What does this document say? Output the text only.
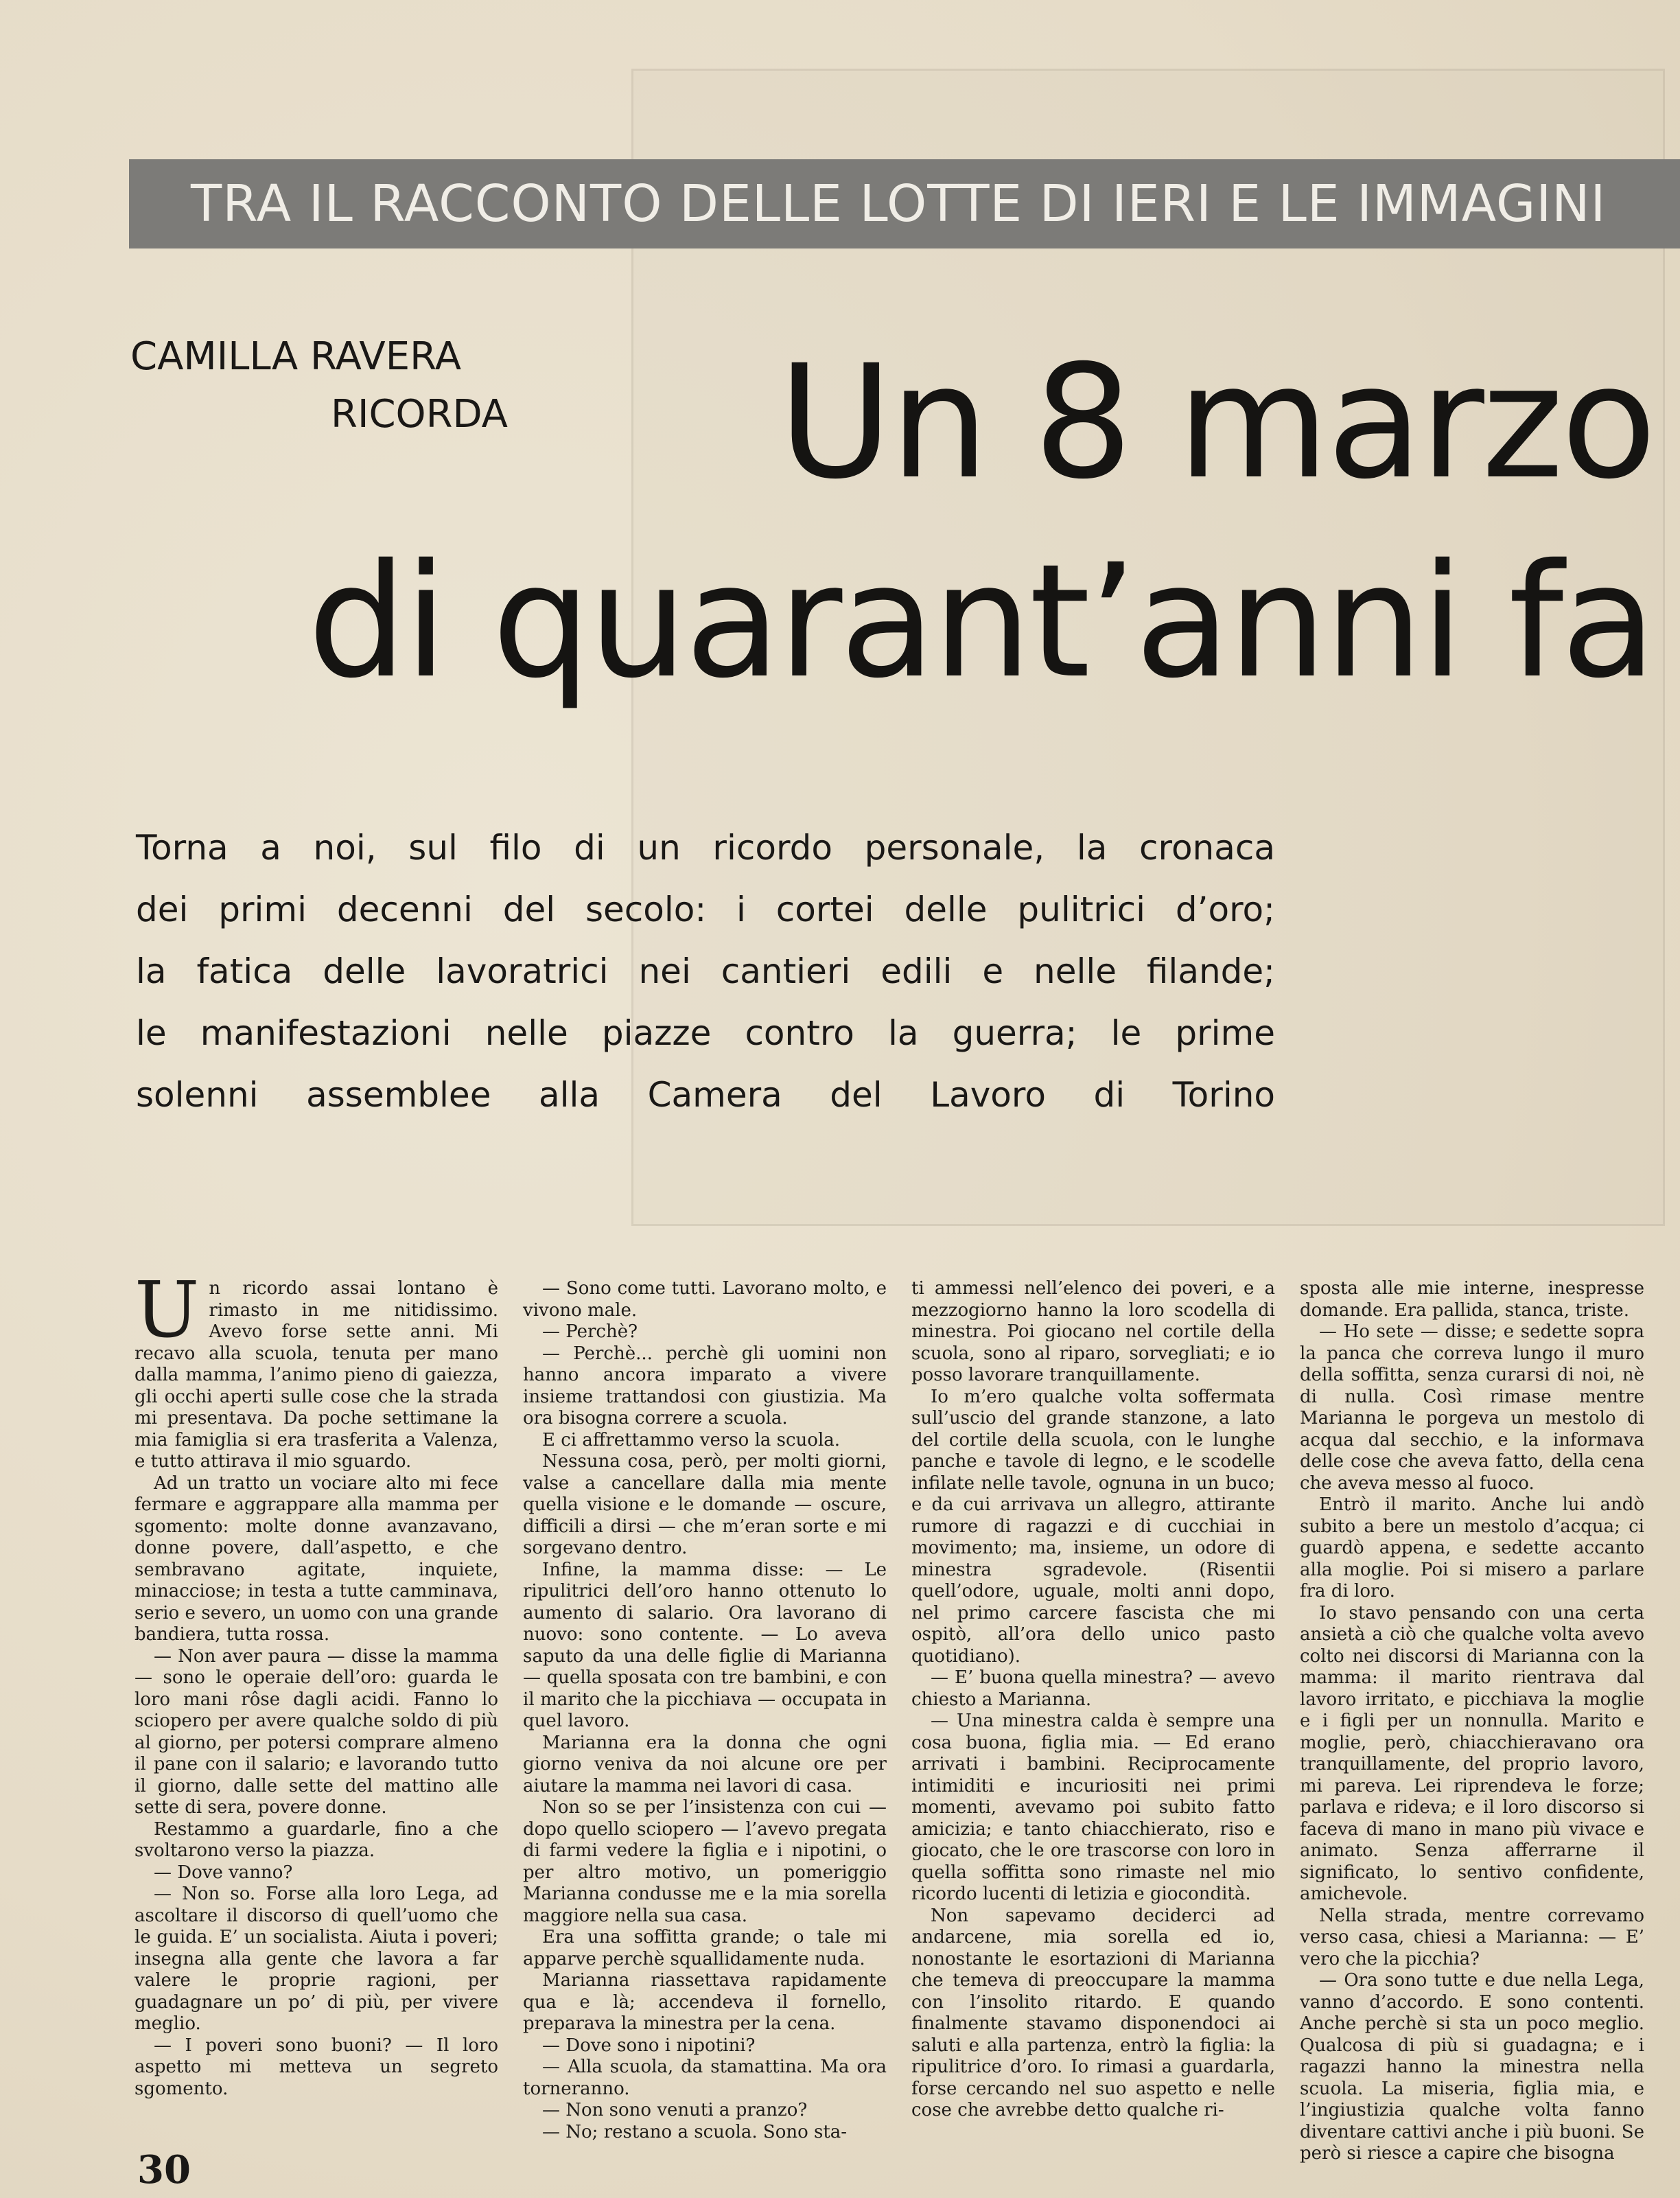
TRA IL RACCONTO DELLE LOTTE DI IERI E LE IMMAGINI
CAMILLA RAVERA
RICORDA	Un 8 marzo
di quarant’anni fa
Torna a noi, sul filo di un ricordo personale, la cronaca
dei primi decenni del secolo: i cortei delle pulitrici d’oro;
la fatica delle lavoratrici nei cantieri edili e nelle filande;
le manifestazioni nelle piazze contro la guerra; le prime
solenni assemblee alla Camera del Lavoro di Torino

Un ricordo assai lontano è rimasto in me nitidissimo. Avevo forse sette anni. Mi recavo alla scuola, tenuta per mano dalla mamma, l’animo pieno di gaiezza, gli occhi aperti sulle cose che la strada mi presentava. Da poche settimane la mia famiglia si era trasferita a Valenza, e tutto attirava il mio sguardo.

Ad un tratto un vociare alto mi fece fermare e aggrappare alla mamma per sgomento: molte donne avanzavano, donne povere, dall’aspetto, e che sembravano agitate, inquiete, minacciose; in testa a tutte camminava, serio e severo, un uomo con una grande bandiera, tutta rossa.

— Non aver paura — disse la mamma — sono le operaie dell’oro: guarda le loro mani rôse dagli acidi. Fanno lo sciopero per avere qualche soldo di più al giorno, per potersi comprare almeno il pane con il salario; e lavorando tutto il giorno, dalle sette del mattino alle sette di sera, povere donne.

Restammo a guardarle, fino a che svoltarono verso la piazza.

— Dove vanno?

— Non so. Forse alla loro Lega, ad ascoltare il discorso di quell’uomo che le guida. E’ un socialista. Aiuta i poveri; insegna alla gente che lavora a far valere le proprie ragioni, per guadagnare un po’ di più, per vivere meglio.

— I poveri sono buoni? — Il loro aspetto mi metteva un segreto sgomento.

— Sono come tutti. Lavorano molto, e vivono male.

— Perchè?

— Perchè... perchè gli uomini non hanno ancora imparato a vivere insieme trattandosi con giustizia. Ma ora bisogna correre a scuola.

E ci affrettammo verso la scuola.

Nessuna cosa, però, per molti giorni, valse a cancellare dalla mia mente quella visione e le domande — oscure, difficili a dirsi — che m’eran sorte e mi sorgevano dentro.

Infine, la mamma disse: — Le ripulitrici dell’oro hanno ottenuto lo aumento di salario. Ora lavorano di nuovo: sono contente. — Lo aveva saputo da una delle figlie di Marianna — quella sposata con tre bambini, e con il marito che la picchiava — occupata in quel lavoro.

Marianna era la donna che ogni giorno veniva da noi alcune ore per aiutare la mamma nei lavori di casa.

Non so se per l’insistenza con cui — dopo quello sciopero — l’avevo pregata di farmi vedere la figlia e i nipotini, o per altro motivo, un pomeriggio Marianna condusse me e la mia sorella maggiore nella sua casa.

Era una soffitta grande; o tale mi apparve perchè squallidamente nuda.

Marianna riassettava rapidamente qua e là; accendeva il fornello, preparava la minestra per la cena.

— Dove sono i nipotini?

— Alla scuola, da stamattina. Ma ora torneranno.

— Non sono venuti a pranzo?

— No; restano a scuola. Sono sta-

ti ammessi nell’elenco dei poveri, e a mezzogiorno hanno la loro scodella di minestra. Poi giocano nel cortile della scuola, sono al riparo, sorvegliati; e io posso lavorare tranquillamente.

Io m’ero qualche volta soffermata sull’uscio del grande stanzone, a lato del cortile della scuola, con le lunghe panche e tavole di legno, e le scodelle infilate nelle tavole, ognuna in un buco; e da cui arrivava un allegro, attirante rumore di ragazzi e di cucchiai in movimento; ma, insieme, un odore di minestra sgradevole. (Risentii quell’odore, uguale, molti anni dopo, nel primo carcere fascista che mi ospitò, all’ora dello unico pasto quotidiano).

— E’ buona quella minestra? — avevo chiesto a Marianna.

— Una minestra calda è sempre una cosa buona, figlia mia. — Ed erano arrivati i bambini. Reciprocamente intimiditi e incuriositi nei primi momenti, avevamo poi subito fatto amicizia; e tanto chiacchierato, riso e giocato, che le ore trascorse con loro in quella soffitta sono rimaste nel mio ricordo lucenti di letizia e giocondità.

Non sapevamo deciderci ad andarcene, mia sorella ed io, nonostante le esortazioni di Marianna che temeva di preoccupare la mamma con l’insolito ritardo. E quando finalmente stavamo disponendoci ai saluti e alla partenza, entrò la figlia: la ripulitrice d’oro. Io rimasi a guardarla, forse cercando nel suo aspetto e nelle cose che avrebbe detto qualche ri-

sposta alle mie interne, inespresse domande. Era pallida, stanca, triste.

— Ho sete — disse; e sedette sopra la panca che correva lungo il muro della soffitta, senza curarsi di noi, nè di nulla. Così rimase mentre Marianna le porgeva un mestolo di acqua dal secchio, e la informava delle cose che aveva fatto, della cena che aveva messo al fuoco.

Entrò il marito. Anche lui andò subito a bere un mestolo d’acqua; ci guardò appena, e sedette accanto alla moglie. Poi si misero a parlare fra di loro.

Io stavo pensando con una certa ansietà a ciò che qualche volta avevo colto nei discorsi di Marianna con la mamma: il marito rientrava dal lavoro irritato, e picchiava la moglie e i figli per un nonnulla. Marito e moglie, però, chiacchieravano ora tranquillamente, del proprio lavoro, mi pareva. Lei riprendeva le forze; parlava e rideva; e il loro discorso si faceva di mano in mano più vivace e animato. Senza afferrarne il significato, lo sentivo confidente, amichevole.

Nella strada, mentre correvamo verso casa, chiesi a Marianna: — E’ vero che la picchia?

— Ora sono tutte e due nella Lega, vanno d’accordo. E sono contenti. Anche perchè si sta un poco meglio. Qualcosa di più si guadagna; e i ragazzi hanno la minestra nella scuola. La miseria, figlia mia, e l’ingiustizia qualche volta fanno diventare cattivi anche i più buoni. Se però si riesce a capire che bisogna

30
